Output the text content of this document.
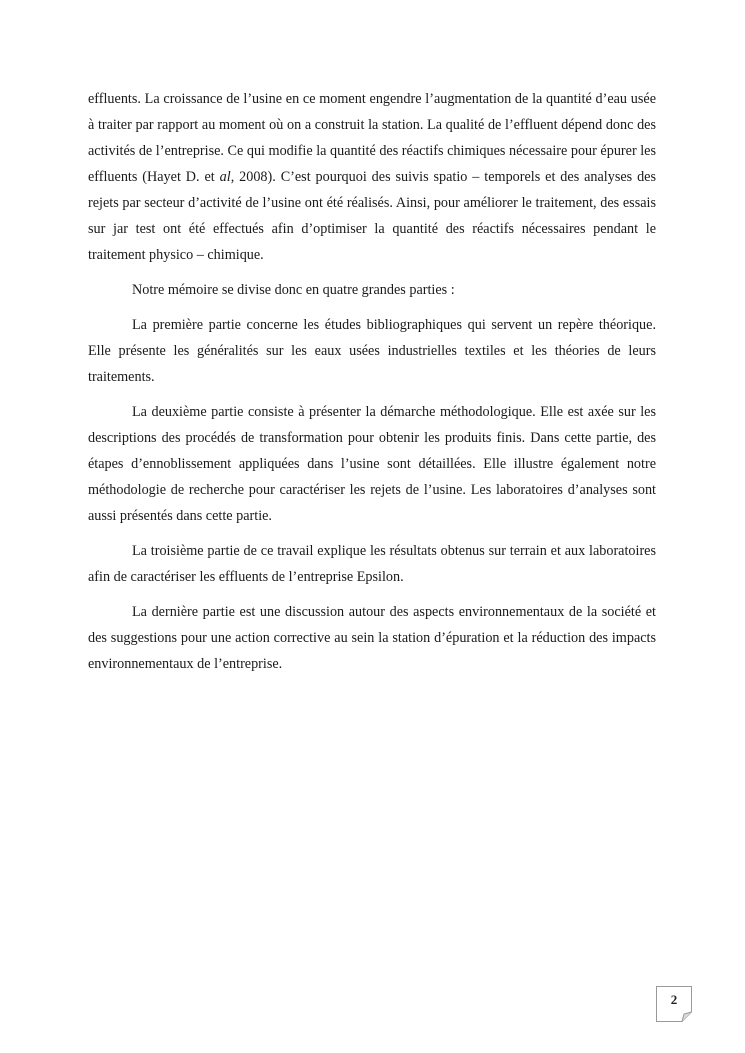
effluents. La croissance de l’usine en ce moment engendre l’augmentation de la quantité d’eau usée à traiter par rapport au moment où on a construit la station. La qualité de l’effluent dépend donc des activités de l’entreprise. Ce qui modifie la quantité des réactifs chimiques nécessaire pour épurer les effluents (Hayet D. et al, 2008). C’est pourquoi des suivis spatio – temporels et des analyses des rejets par secteur d’activité de l’usine ont été réalisés. Ainsi, pour améliorer le traitement, des essais sur jar test ont été effectués afin d’optimiser la quantité des réactifs nécessaires pendant le traitement physico – chimique.

Notre mémoire se divise donc en quatre grandes parties :

La première partie concerne les études bibliographiques qui servent un repère théorique. Elle présente les généralités sur les eaux usées industrielles textiles et les théories de leurs traitements.

La deuxième partie consiste à présenter la démarche méthodologique. Elle est axée sur les descriptions des procédés de transformation pour obtenir les produits finis. Dans cette partie, des étapes d’ennoblissement appliquées dans l’usine sont détaillées. Elle illustre également notre méthodologie de recherche pour caractériser les rejets de l’usine. Les laboratoires d’analyses sont aussi présentés dans cette partie.

La troisième partie de ce travail explique les résultats obtenus sur terrain et aux laboratoires afin de caractériser les effluents de l’entreprise Epsilon.

La dernière partie est une discussion autour des aspects environnementaux de la société et des suggestions pour une action corrective au sein la station d’épuration et la réduction des impacts environnementaux de l’entreprise.

2
